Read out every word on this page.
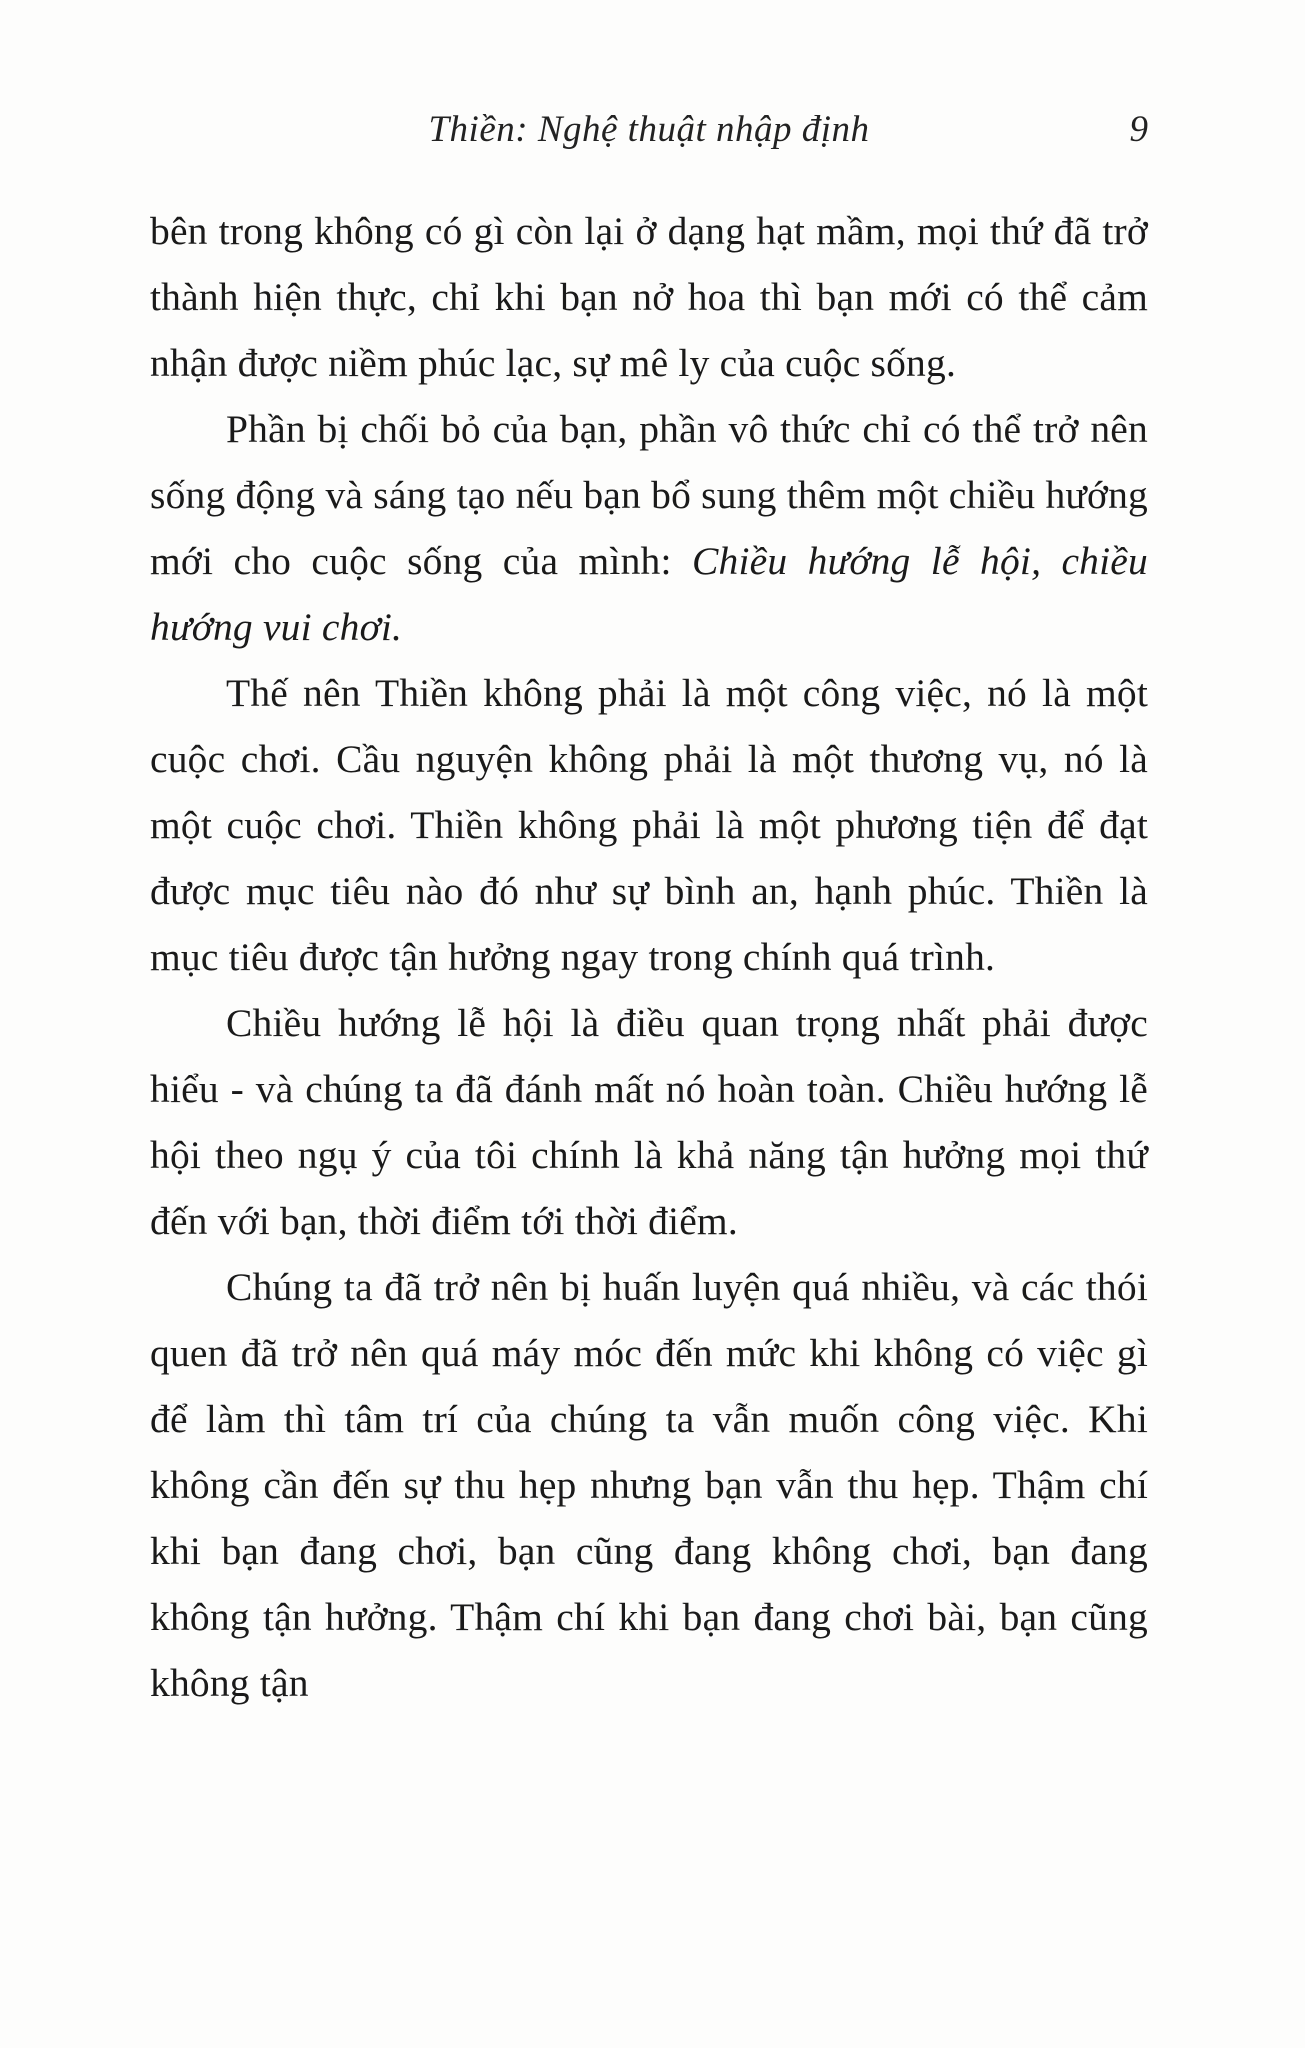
Thiền: Nghệ thuật nhập định	9

bên trong không có gì còn lại ở dạng hạt mầm, mọi thứ đã trở thành hiện thực, chỉ khi bạn nở hoa thì bạn mới có thể cảm nhận được niềm phúc lạc, sự mê ly của cuộc sống.

Phần bị chối bỏ của bạn, phần vô thức chỉ có thể trở nên sống động và sáng tạo nếu bạn bổ sung thêm một chiều hướng mới cho cuộc sống của mình: Chiều hướng lễ hội, chiều hướng vui chơi.

Thế nên Thiền không phải là một công việc, nó là một cuộc chơi. Cầu nguyện không phải là một thương vụ, nó là một cuộc chơi. Thiền không phải là một phương tiện để đạt được mục tiêu nào đó như sự bình an, hạnh phúc. Thiền là mục tiêu được tận hưởng ngay trong chính quá trình.

Chiều hướng lễ hội là điều quan trọng nhất phải được hiểu - và chúng ta đã đánh mất nó hoàn toàn. Chiều hướng lễ hội theo ngụ ý của tôi chính là khả năng tận hưởng mọi thứ đến với bạn, thời điểm tới thời điểm.

Chúng ta đã trở nên bị huấn luyện quá nhiều, và các thói quen đã trở nên quá máy móc đến mức khi không có việc gì để làm thì tâm trí của chúng ta vẫn muốn công việc. Khi không cần đến sự thu hẹp nhưng bạn vẫn thu hẹp. Thậm chí khi bạn đang chơi, bạn cũng đang không chơi, bạn đang không tận hưởng. Thậm chí khi bạn đang chơi bài, bạn cũng không tận
